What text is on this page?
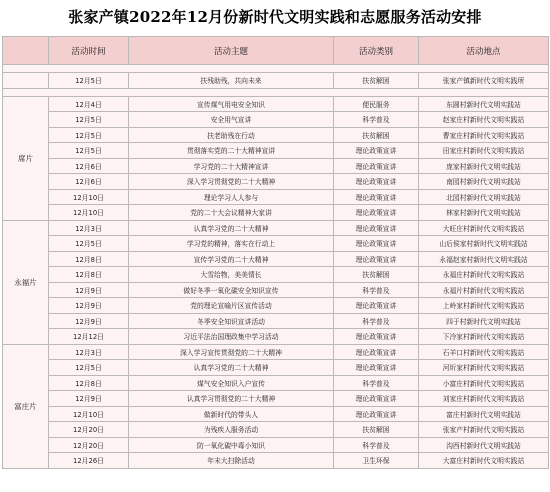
张家产镇2022年12月份新时代文明实践和志愿服务活动安排
	活动时间	活动主题	活动类别	活动地点

	12月5日	扶残助残，共向未来	扶贫解困	张家产镇新时代文明实践所

席片	12月4日	宣传煤气用电安全知识	便民服务	东圆村新时代文明实践站
	12月5日	安全用气宣讲	科学普及	赵家庄村新时代文明实践站
	12月5日	扶老助残在行动	扶贫解困	曹家庄村新时代文明实践站
	12月5日	贯彻落实党的二十大精神宣讲	理论政策宣讲	田家庄村新时代文明实践站
	12月6日	学习党的二十大精神宣讲	理论政策宣讲	庞家村新时代文明实践站
	12月6日	深入学习贯彻党的二十大精神	理论政策宣讲	南园村新时代文明实践站
	12月10日	理论学习人人参与	理论政策宣讲	北园村新时代文明实践站
	12月10日	党的二十大会议精神大家讲	理论政策宣讲	林家村新时代文明实践站
永福片	12月3日	认真学习党的二十大精神	理论政策宣讲	大旺庄村新时代文明实践站
	12月5日	学习党的精神，落实在行动上	理论政策宣讲	山后侯家村新时代文明实践站
	12月8日	宣传学习党的二十大精神	理论政策宣讲	永福赵家村新时代文明实践站
	12月8日	大雪给物，美美情长	扶贫解困	永福庄村新时代文明实践站
	12月9日	做好冬季一氧化碳安全知识宣传	科学普及	永福片村新时代文明实践站
	12月9日	党的理论宣喻片区宣传活动	理论政策宣讲	上岭家村新时代文明实践站
	12月9日	冬季安全知识宣讲活动	科学普及	四于村新时代文明实践站
	12月12日	习近平法治国理政集中学习活动	理论政策宣讲	下冷家村新时代文明实践站
富庄片	12月3日	深入学习宣传贯彻党的二十大精神	理论政策宣讲	石羊口村新时代文明实践站
	12月5日	认真学习党的二十大精神	理论政策宣讲	河圻家村新时代文明实践站
	12月8日	煤气安全知识入户宣传	科学普及	小富庄村新时代文明实践站
	12月9日	认真学习贯彻党的二十大精神	理论政策宣讲	刘家庄村新时代文明实践站
	12月10日	做新时代的带头人	理论政策宣讲	富庄村新时代文明实践站
	12月20日	为残疾人服务活动	扶贫解困	张家产村新时代文明实践站
	12月20日	防一氧化碳中毒小知识	科学普及	沟西村新时代文明实践站
	12月26日	年末大扫除活动	卫生环保	大富庄村新时代文明实践站
